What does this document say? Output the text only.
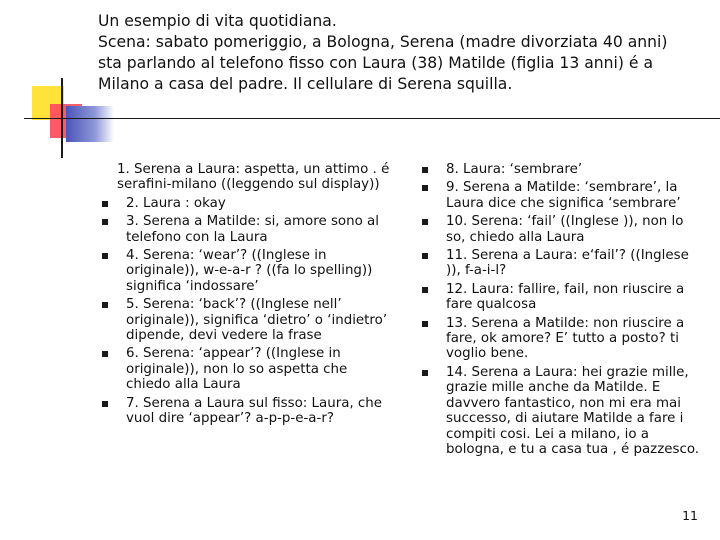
Un esempio di vita quotidiana.
Scena: sabato pomeriggio, a Bologna, Serena (madre divorziata 40 anni)
sta parlando al telefono fisso con Laura (38) Matilde (figlia 13 anni) é a
Milano a casa del padre. Il cellulare di Serena squilla.
1. Serena a Laura: aspetta, un attimo . é serafini-milano ((leggendo sul display))
2. Laura : okay
3. Serena a Matilde: si, amore sono al telefono con la Laura
4. Serena: ‘wear’? ((Inglese in originale)), w-e-a-r ? ((fa lo spelling)) significa ‘indossare’
5. Serena: ‘back’? ((Inglese nell’ originale)), significa ‘dietro’ o ‘indietro’ dipende, devi vedere la frase
6. Serena: ‘appear’? ((Inglese in originale)), non lo so aspetta che chiedo alla Laura
7. Serena a Laura sul fisso: Laura, che vuol dire ‘appear’? a-p-p-e-a-r?
8. Laura: ‘sembrare’
9. Serena a Matilde: ‘sembrare’, la Laura dice che significa ‘sembrare’
10. Serena: ‘fail’ ((Inglese )), non lo so, chiedo alla Laura
11. Serena a Laura: e‘fail’? ((Inglese )), f-a-i-l?
12. Laura: fallire, fail, non riuscire a fare qualcosa
13. Serena a Matilde: non riuscire a fare, ok amore? E’ tutto a posto? ti voglio bene.
14. Serena a Laura: hei grazie mille, grazie mille anche da Matilde. E davvero fantastico, non mi era mai successo, di aiutare Matilde a fare i compiti cosi. Lei a milano, io a bologna, e tu a casa tua , é pazzesco.
11
